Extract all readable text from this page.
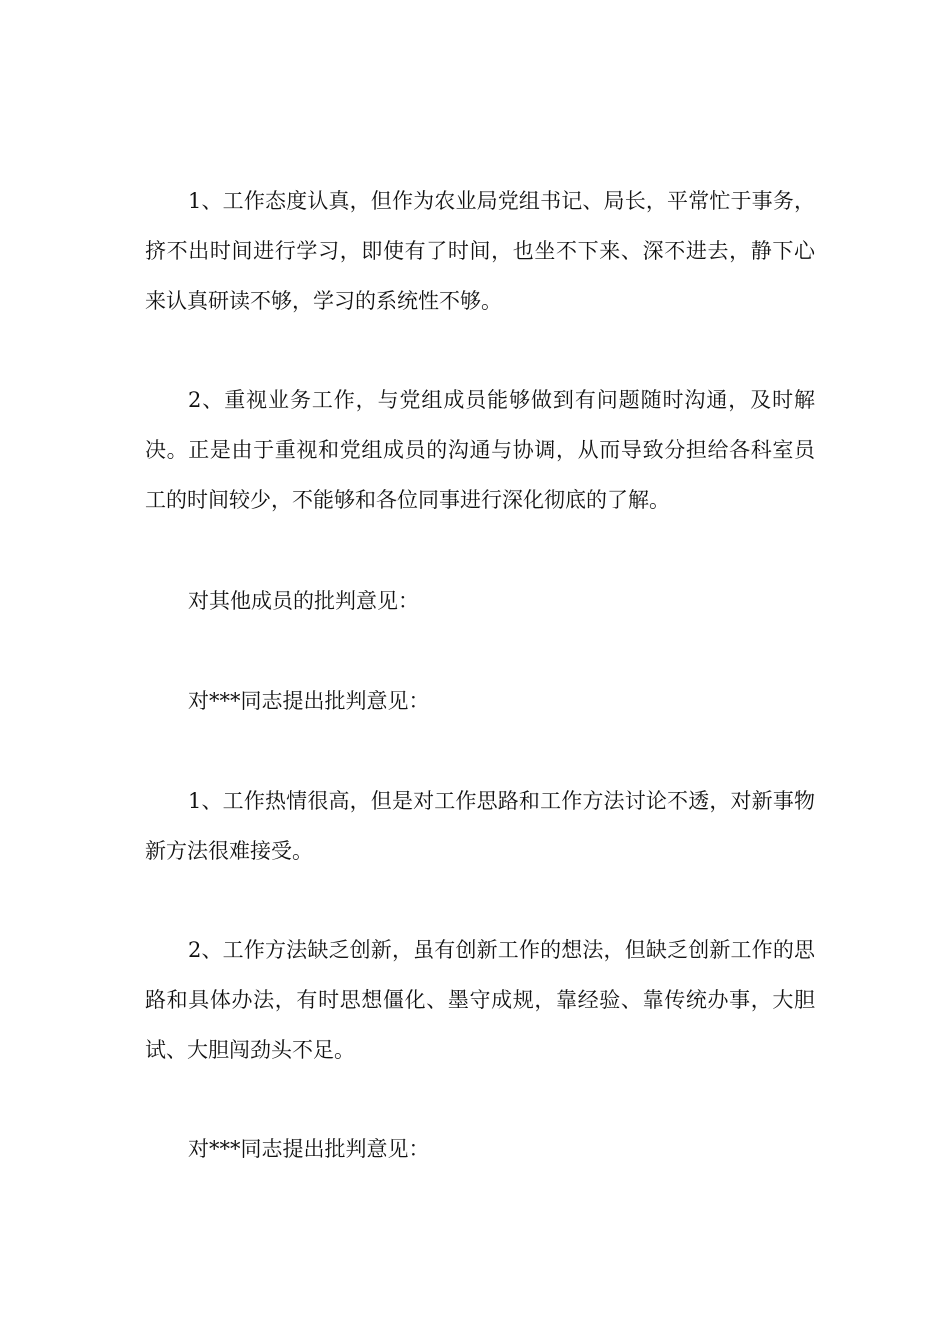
1、工作态度认真，但作为农业局党组书记、局长，平常忙于事务，挤不出时间进行学习，即使有了时间，也坐不下来、深不进去，静下心来认真研读不够，学习的系统性不够。

2、重视业务工作，与党组成员能够做到有问题随时沟通，及时解决。正是由于重视和党组成员的沟通与协调，从而导致分担给各科室员工的时间较少，不能够和各位同事进行深化彻底的了解。

对其他成员的批判意见：

对***同志提出批判意见：

1、工作热情很高，但是对工作思路和工作方法讨论不透，对新事物新方法很难接受。

2、工作方法缺乏创新，虽有创新工作的想法，但缺乏创新工作的思路和具体办法，有时思想僵化、墨守成规，靠经验、靠传统办事，大胆试、大胆闯劲头不足。

对***同志提出批判意见：
